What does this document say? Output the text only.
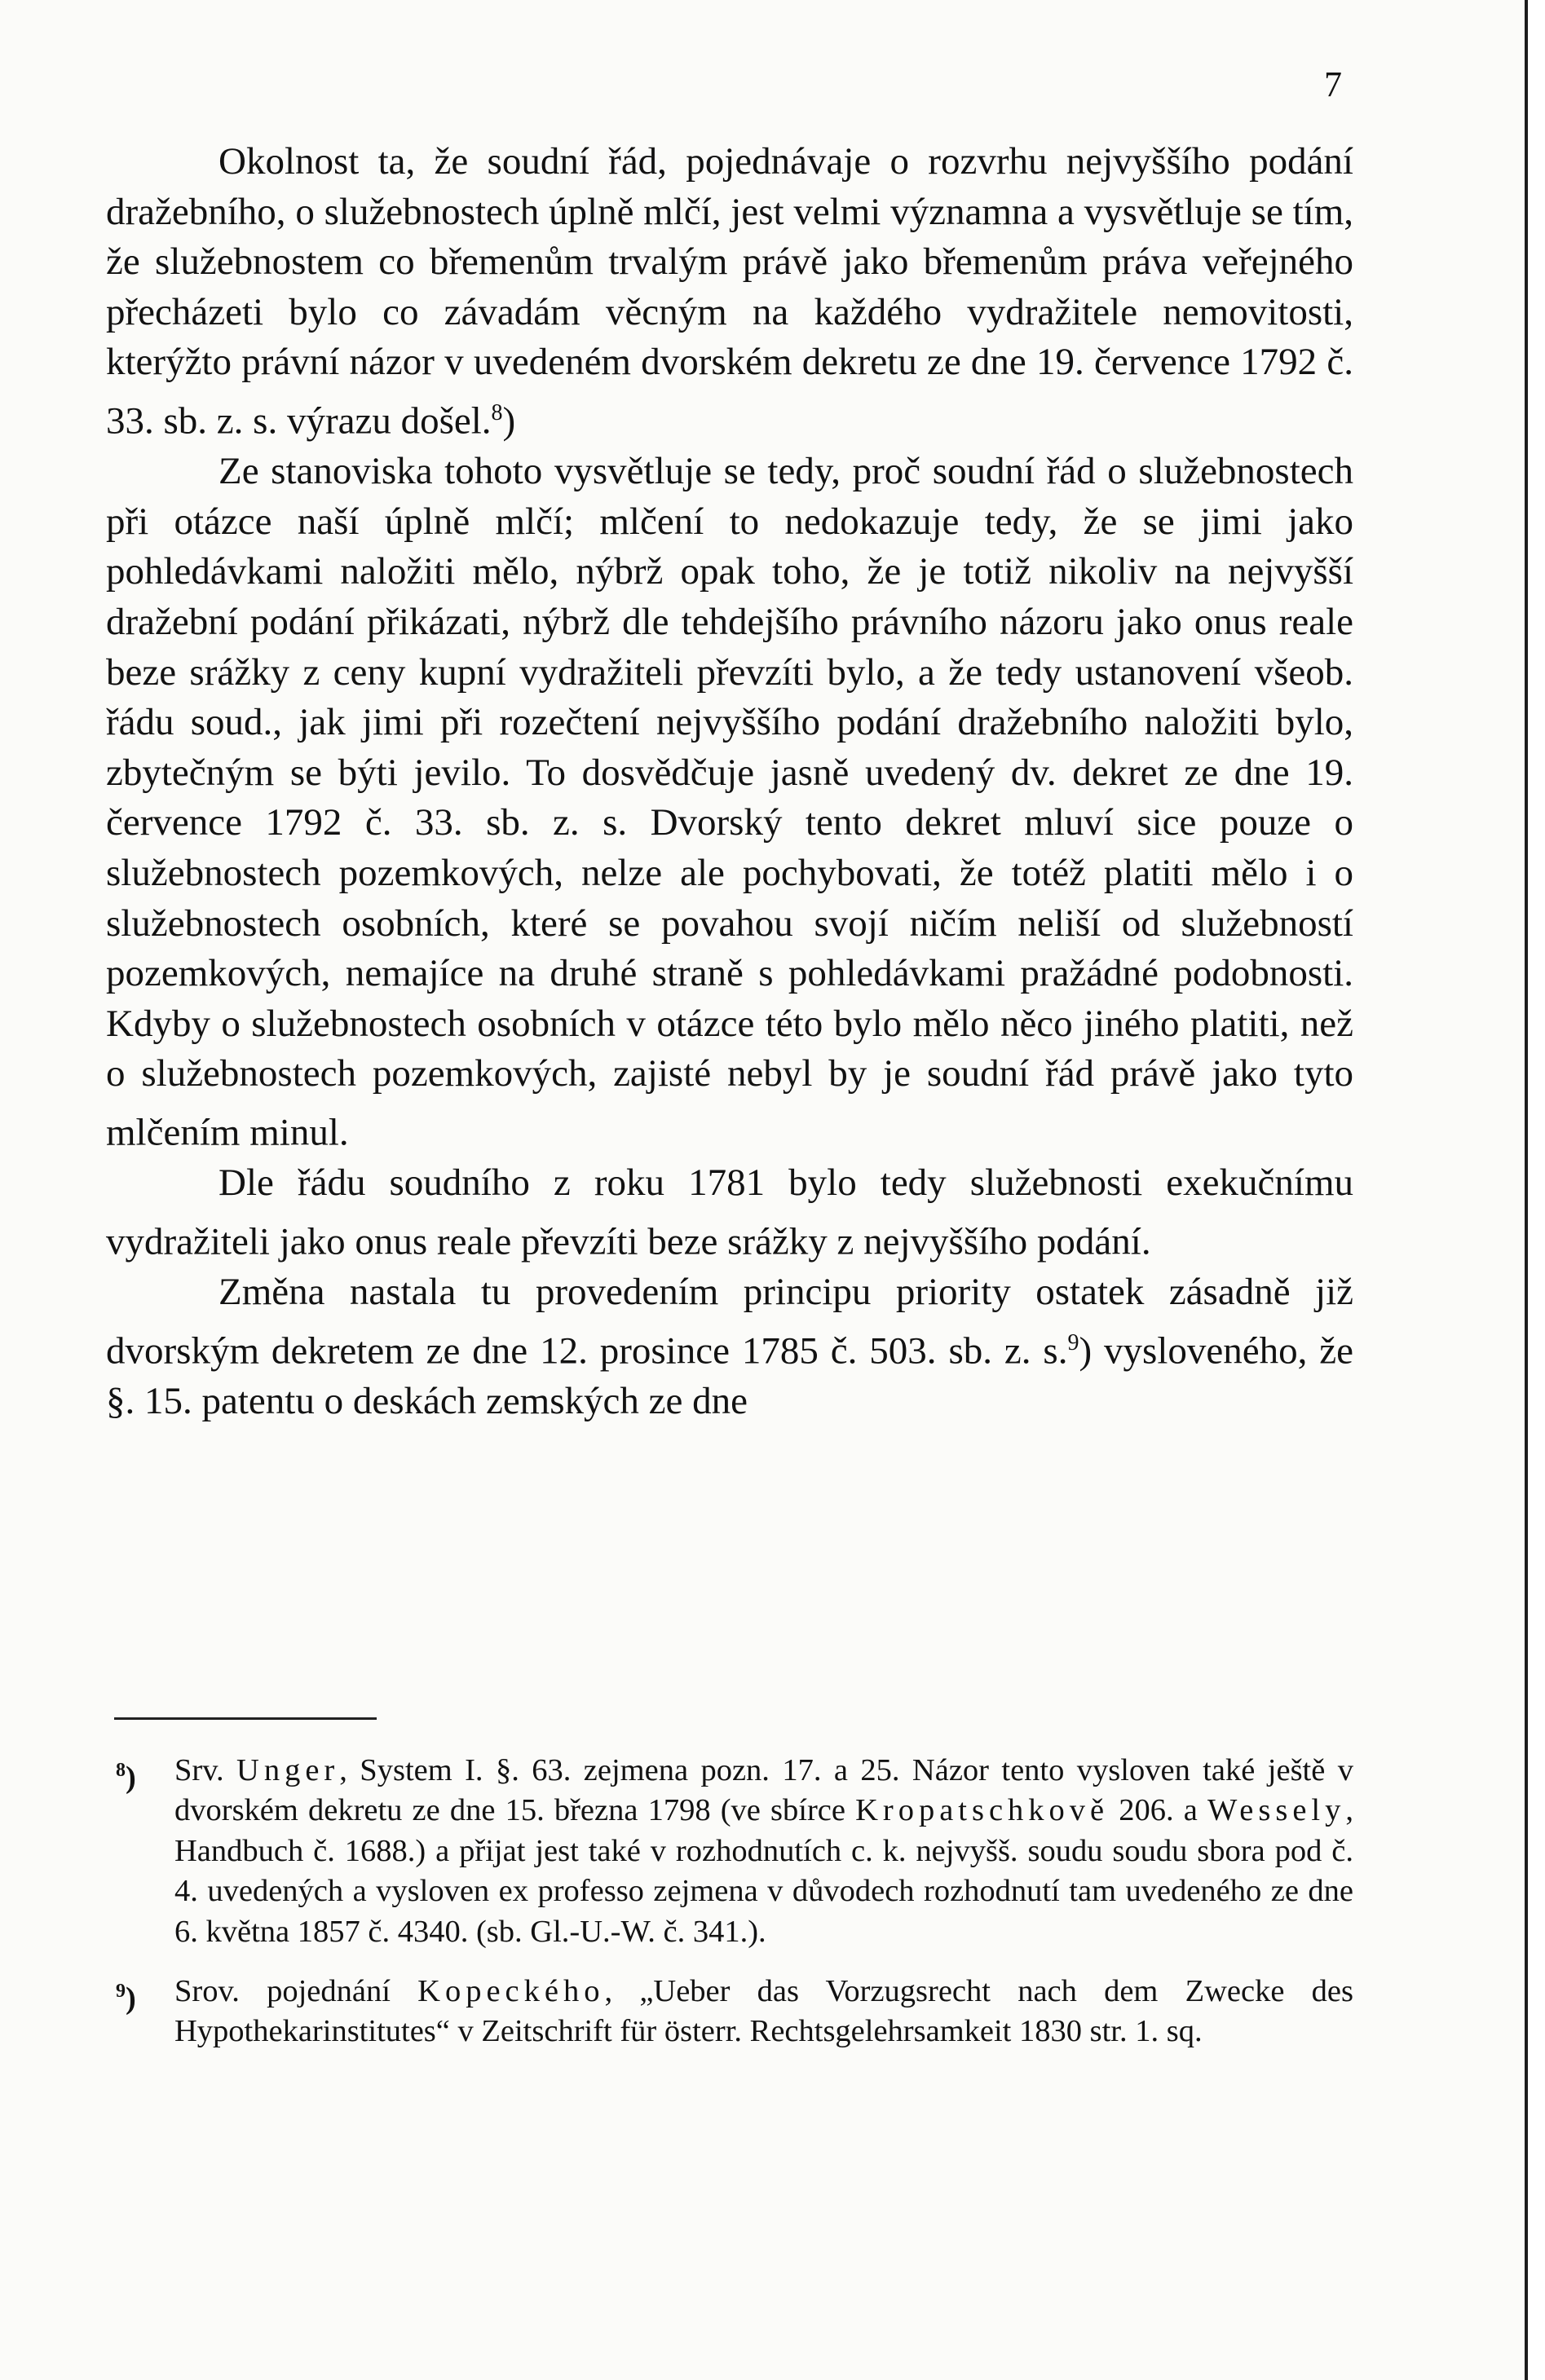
7

Okolnost ta, že soudní řád, pojednávaje o rozvrhu nejvyššího podání dražebního, o služebnostech úplně mlčí, jest velmi významna a vysvětluje se tím, že služebnostem co břemenům trvalým právě jako břemenům práva veřejného přecházeti bylo co závadám věcným na každého vydražitele nemovitosti, kterýžto právní názor v uvedeném dvorském dekretu ze dne 19. července 1792 č. 33. sb. z. s. výrazu došel.$^8$)

Ze stanoviska tohoto vysvětluje se tedy, proč soudní řád o služebnostech při otázce naší úplně mlčí; mlčení to nedokazuje tedy, že se jimi jako pohledávkami naložiti mělo, nýbrž opak toho, že je totiž nikoliv na nejvyšší dražební podání přikázati, nýbrž dle tehdejšího právního názoru jako onus reale beze srážky z ceny kupní vydražiteli převzíti bylo, a že tedy ustanovení všeob. řádu soud., jak jimi při rozečtení nejvyššího podání dražebního naložiti bylo, zbytečným se býti jevilo. To dosvědčuje jasně uvedený dv. dekret ze dne 19. července 1792 č. 33. sb. z. s. Dvorský tento dekret mluví sice pouze o služebnostech pozemkových, nelze ale pochybovati, že totéž platiti mělo i o služebnostech osobních, které se povahou svojí ničím neliší od služebností pozemkových, nemajíce na druhé straně s pohledávkami pražádné podobnosti. Kdyby o služebnostech osobních v otázce této bylo mělo něco jiného platiti, než o služebnostech pozemkových, zajisté nebyl by je soudní řád právě jako tyto mlčením minul.

Dle řádu soudního z roku 1781 bylo tedy služebnosti exekučnímu vydražiteli jako onus reale převzíti beze srážky z nejvyššího podání.

Změna nastala tu provedením principu priority ostatek zásadně již dvorským dekretem ze dne 12. prosince 1785 č. 503. sb. z. s.$^9$) vysloveného, že §. 15. patentu o deskách zemských ze dne

$^8$) Srv. Unger, System I. §. 63. zejmena pozn. 17. a 25. Názor tento vysloven také ještě v dvorském dekretu ze dne 15. března 1798 (ve sbírce Kropatschkově 206. a Wessely, Handbuch č. 1688.) a přijat jest také v rozhodnutích c. k. nejvyšš. soudu soudu sbora pod č. 4. uvedených a vysloven ex professo zejmena v důvodech rozhodnutí tam uvedeného ze dne 6. května 1857 č. 4340. (sb. Gl.-U.-W. č. 341.).
$^9$) Srov. pojednání Kopeckého, „Ueber das Vorzugsrecht nach dem Zwecke des Hypothekarinstitutes“ v Zeitschrift für österr. Rechtsgelehrsamkeit 1830 str. 1. sq.
